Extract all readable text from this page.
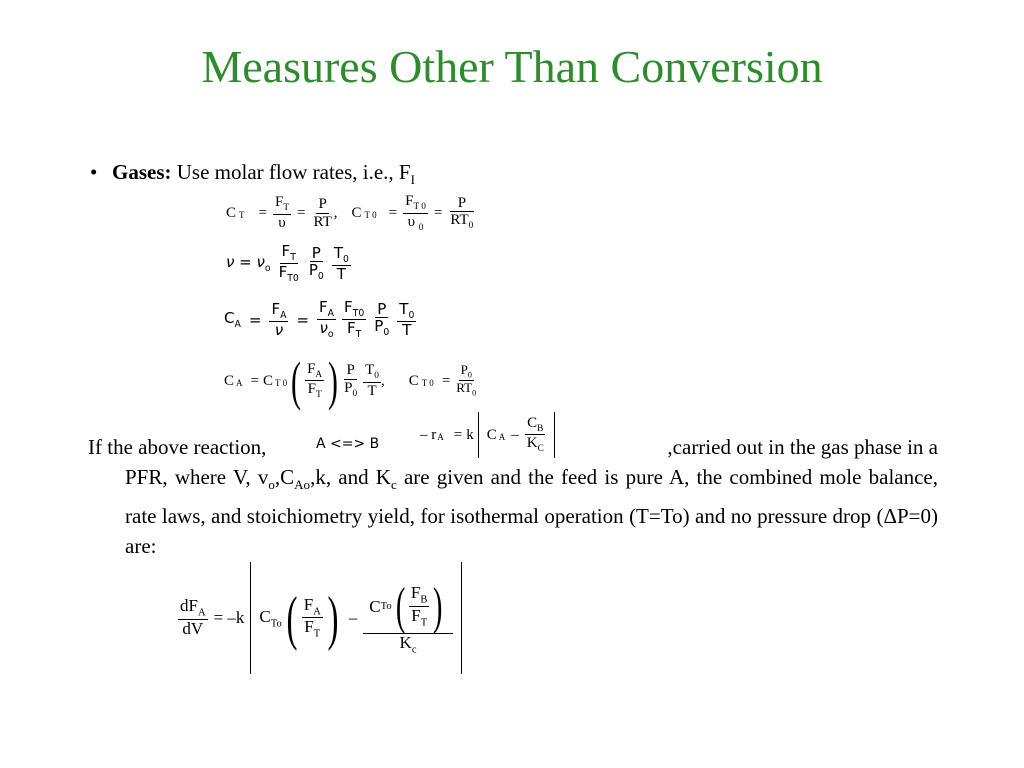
Measures Other Than Conversion
• Gases: Use molar flow rates, i.e., $F_I$
C $T = \frac{F_T}{\upsilon} = \frac{P}{RT}$ , C T $0 = \frac{F_{T 0}}{\upsilon _0} = \frac{P}{RT_0}$
$\nu = \nu_o \frac{F_T}{F_{T0}} \frac{P}{P_0} \frac{T_0}{T}$
$C_A = \frac{F_A}{\nu} = \frac{F_A}{\nu_o} \frac{F_{T0}}{F_T} \frac{P}{P_0} \frac{T_0}{T}$
C A = C T 0 ( $\frac{F_A}{F_T}$ ) $\frac{P}{P_0} \frac{T_0}{T}$ , C T $0 = \frac{P_0}{RT_0}$
A <=> B
– r A = k C A – $\frac{C_B}{K_C}$
If the above reaction,	,carried out in the gas phase in a
PFR, where V, $v_o,C_{Ao},k$, and $K_c$ are given and the feed is pure A, the combined mole balance, rate laws, and stoichiometry yield, for isothermal operation (T=To) and no pressure drop (ΔP=0) are:
$\frac{dF_A}{dV} = -k$ $C_{To}$ ( $\frac{F_A}{F_T}$ ) – $\frac{C To ( \frac{F_B}{F_T} )}{K_c}$
